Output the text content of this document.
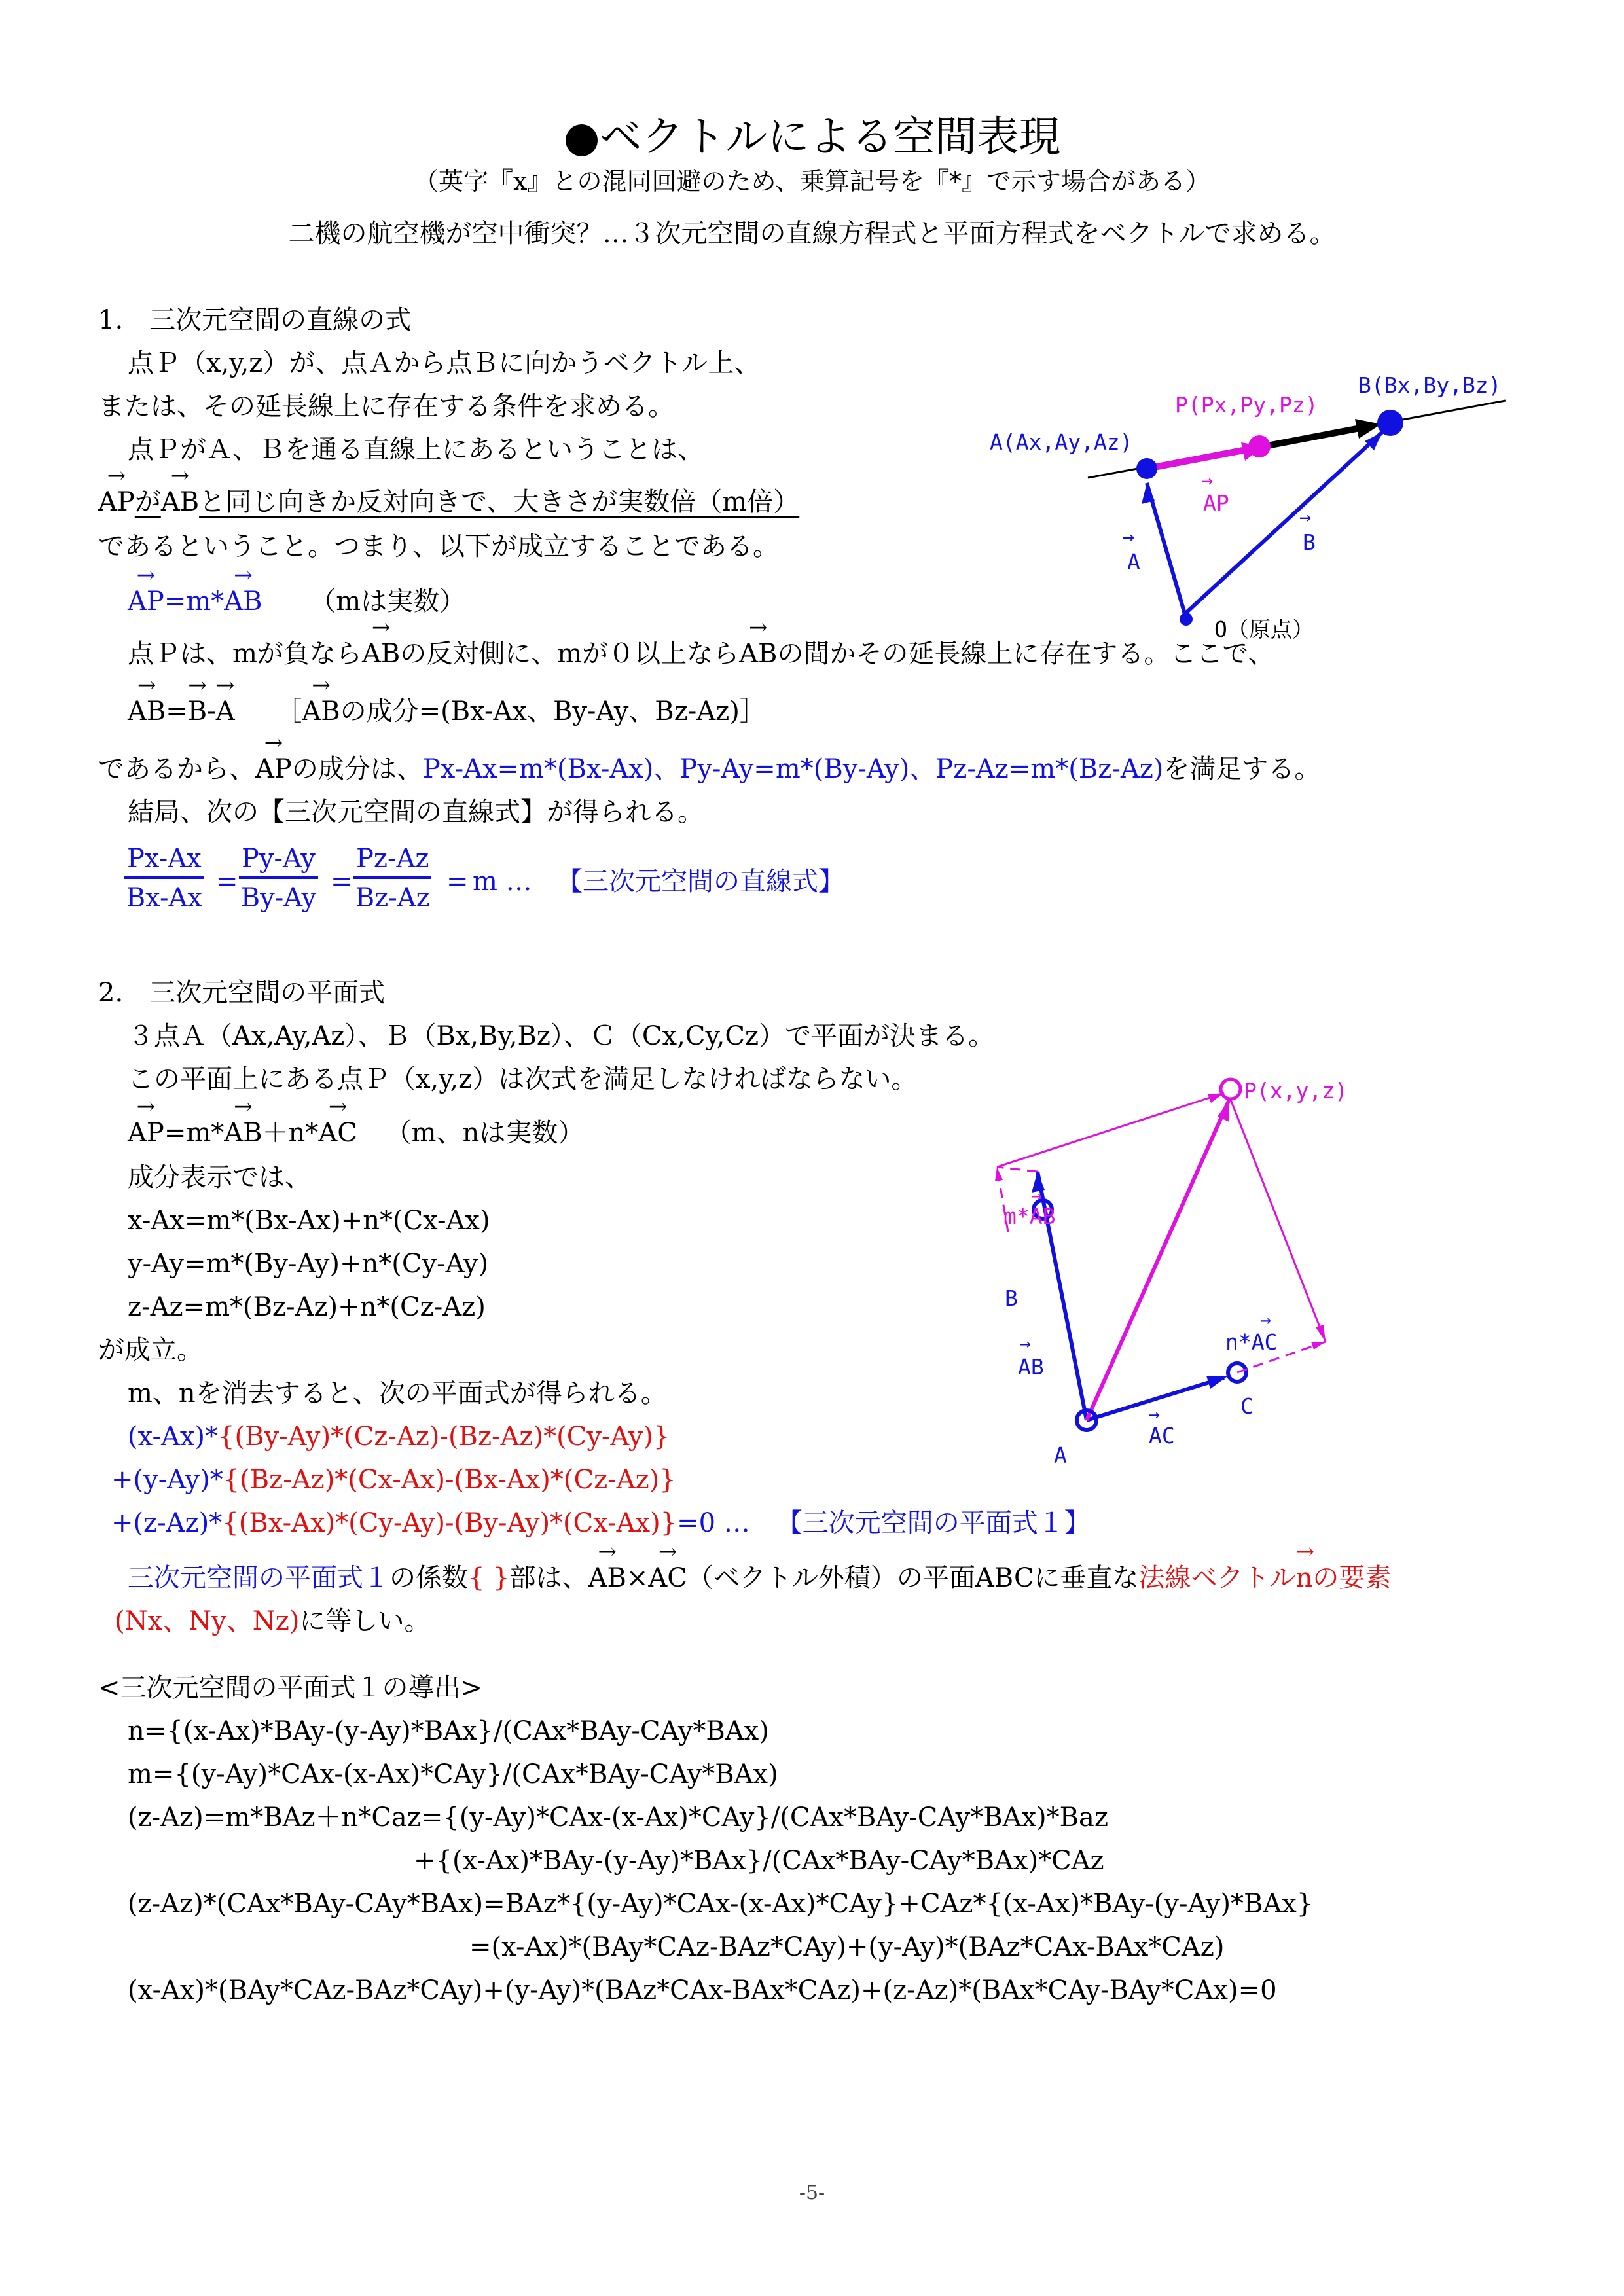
●ベクトルによる空間表現
（英字『x』との混同回避のため、乗算記号を『*』で示す場合がある）
二機の航空機が空中衝突？…３次元空間の直線方程式と平面方程式をベクトルで求める。
1.　三次元空間の直線の式
点Ｐ（x,y,z）が、点Ａから点Ｂに向かうベクトル上、
または、その延長線上に存在する条件を求める。
点ＰがＡ、Ｂを通る直線上にあるということは、
→ APが→ ABと同じ向きか反対向きで、大きさが実数倍（m倍）
であるということ。つまり、以下が成立することである。
→ AP=m*→ AB （mは実数）
点Ｐは、mが負なら→ ABの反対側に、mが０以上なら→ ABの間かその延長線上に存在する。ここで、
→ AB=→ B-→ A ［→ ABの成分=(Bx-Ax、By-Ay、Bz-Az)］
であるから、→ APの成分は、Px-Ax=m*(Bx-Ax)、Py-Ay=m*(By-Ay)、Pz-Az=m*(Bz-Az)を満足する。
結局、次の【三次元空間の直線式】が得られる。
$\frac{Px-Ax}{Bx-Ax} = \frac{Py-Ay}{By-Ay} = \frac{Pz-Az}{Bz-Az} = m$ … 【三次元空間の直線式】
A(Ax,Ay,Az)
P(Px,Py,Pz)
B(Bx,By,Bz)
→
AP
→
A
→
B
O（原点）
2.　三次元空間の平面式
３点Ａ（Ax,Ay,Az）、Ｂ（Bx,By,Bz）、Ｃ（Cx,Cy,Cz）で平面が決まる。
この平面上にある点Ｐ（x,y,z）は次式を満足しなければならない。
→ AP=m*→ AB＋n*→ AC （m、nは実数）
成分表示では、
x-Ax=m*(Bx-Ax)+n*(Cx-Ax)
y-Ay=m*(By-Ay)+n*(Cy-Ay)
z-Az=m*(Bz-Az)+n*(Cz-Az)
が成立。
m、nを消去すると、次の平面式が得られる。
(x-Ax)*{(By-Ay)*(Cz-Az)-(Bz-Az)*(Cy-Ay)}
+(y-Ay)*{(Bz-Az)*(Cx-Ax)-(Bx-Ax)*(Cz-Az)}
+(z-Az)*{(Bx-Ax)*(Cy-Ay)-(By-Ay)*(Cx-Ax)}=0 … 【三次元空間の平面式１】
三次元空間の平面式１の係数{ }部は、→ AB×→ AC（ベクトル外積）の平面ABCに垂直な法線ベクトル→ nの要素
(Nx、Ny、Nz)に等しい。
P(x,y,z)
→
m*AB
B
→
AB
A
→
AC
C
→
n*AC
<三次元空間の平面式１の導出>
n={(x-Ax)*BAy-(y-Ay)*BAx}/(CAx*BAy-CAy*BAx)
m={(y-Ay)*CAx-(x-Ax)*CAy}/(CAx*BAy-CAy*BAx)
(z-Az)=m*BAz＋n*Caz={(y-Ay)*CAx-(x-Ax)*CAy}/(CAx*BAy-CAy*BAx)*Baz
+{(x-Ax)*BAy-(y-Ay)*BAx}/(CAx*BAy-CAy*BAx)*CAz
(z-Az)*(CAx*BAy-CAy*BAx)=BAz*{(y-Ay)*CAx-(x-Ax)*CAy}+CAz*{(x-Ax)*BAy-(y-Ay)*BAx}
=(x-Ax)*(BAy*CAz-BAz*CAy)+(y-Ay)*(BAz*CAx-BAx*CAz)
(x-Ax)*(BAy*CAz-BAz*CAy)+(y-Ay)*(BAz*CAx-BAx*CAz)+(z-Az)*(BAx*CAy-BAy*CAx)=0
-5-
